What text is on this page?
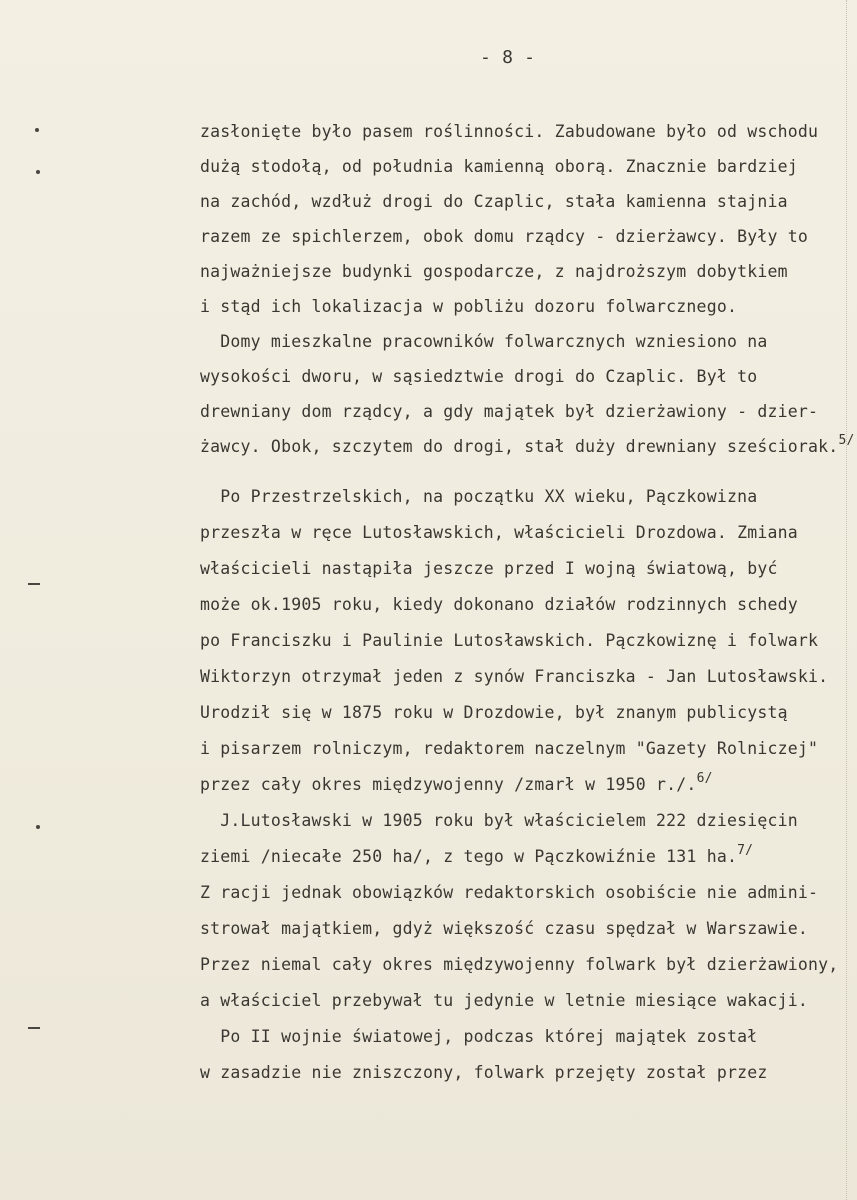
- 8 -
zasłonięte było pasem roślinności. Zabudowane było od wschodu
dużą stodołą, od południa kamienną oborą. Znacznie bardziej
na zachód, wzdłuż drogi do Czaplic, stała kamienna stajnia
razem ze spichlerzem, obok domu rządcy - dzierżawcy. Były to
najważniejsze budynki gospodarcze, z najdroższym dobytkiem
i stąd ich lokalizacja w pobliżu dozoru folwarcznego.
Domy mieszkalne pracowników folwarcznych wzniesiono na
wysokości dworu, w sąsiedztwie drogi do Czaplic. Był to
drewniany dom rządcy, a gdy majątek był dzierżawiony - dzier-
żawcy. Obok, szczytem do drogi, stał duży drewniany sześciorak.$^{5/}$
Po Przestrzelskich, na początku XX wieku, Pączkowizna
przeszła w ręce Lutosławskich, właścicieli Drozdowa. Zmiana
właścicieli nastąpiła jeszcze przed I wojną światową, być
może ok.1905 roku, kiedy dokonano działów rodzinnych schedy
po Franciszku i Paulinie Lutosławskich. Pączkowiznę i folwark
Wiktorzyn otrzymał jeden z synów Franciszka - Jan Lutosławski.
Urodził się w 1875 roku w Drozdowie, był znanym publicystą
i pisarzem rolniczym, redaktorem naczelnym "Gazety Rolniczej"
przez cały okres międzywojenny /zmarł w 1950 r./.$^{6/}$
J.Lutosławski w 1905 roku był właścicielem 222 dziesięcin
ziemi /niecałe 250 ha/, z tego w Pączkowiźnie 131 ha.$^{7/}$
Z racji jednak obowiązków redaktorskich osobiście nie admini-
strował majątkiem, gdyż większość czasu spędzał w Warszawie.
Przez niemal cały okres międzywojenny folwark był dzierżawiony,
a właściciel przebywał tu jedynie w letnie miesiące wakacji.
Po II wojnie światowej, podczas której majątek został
w zasadzie nie zniszczony, folwark przejęty został przez
